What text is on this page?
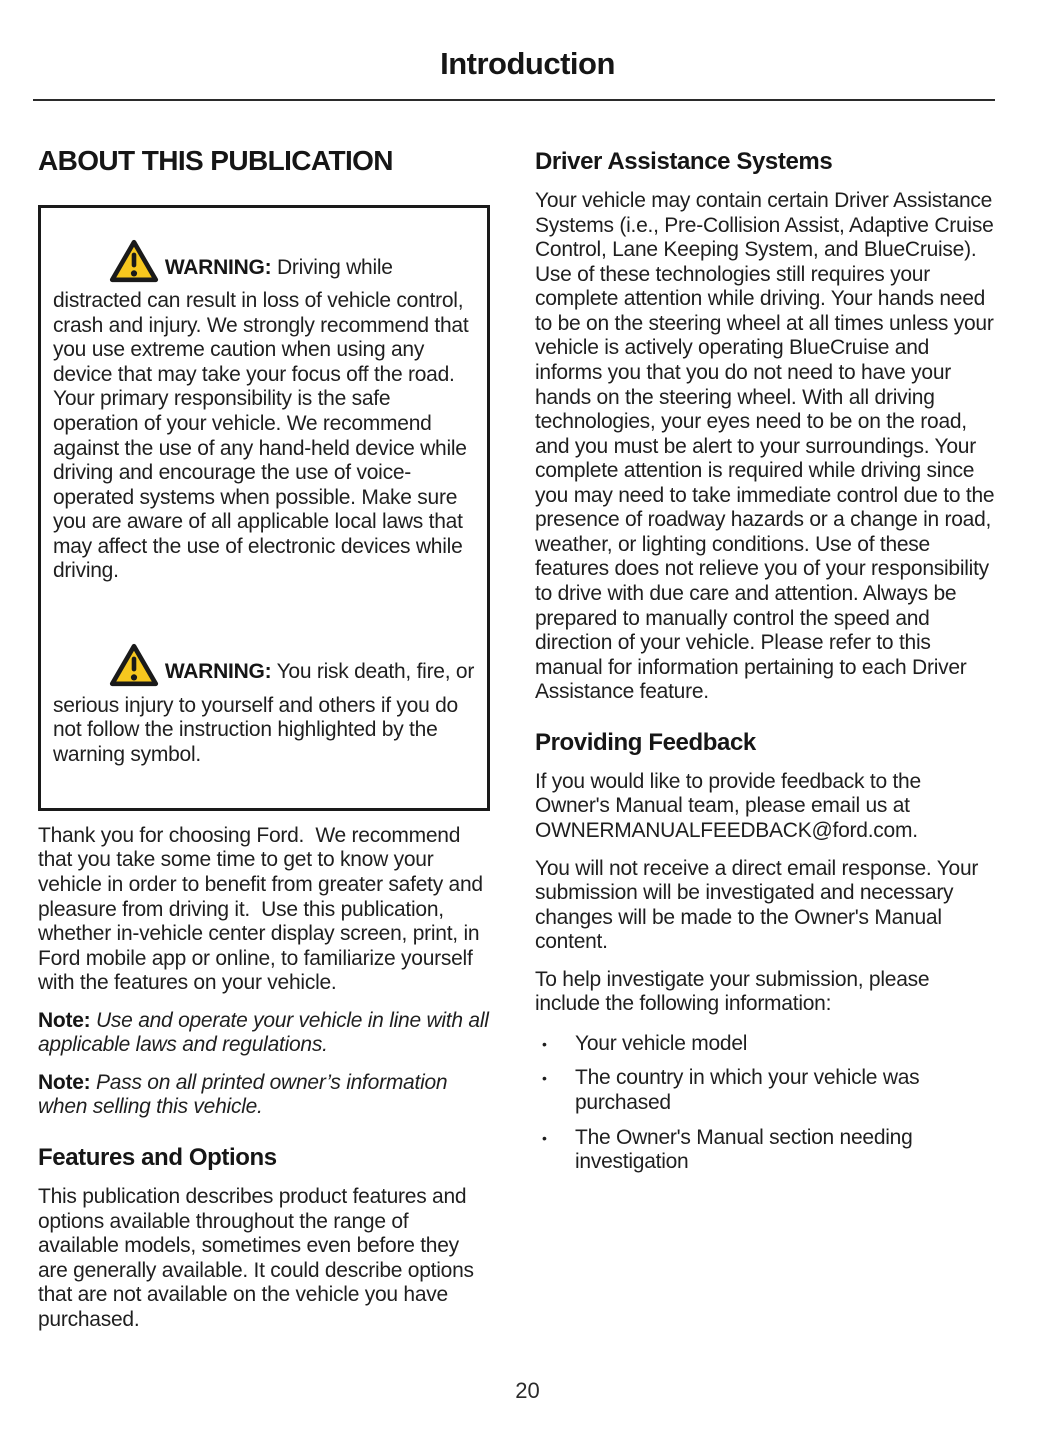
Introduction
ABOUT THIS PUBLICATION

WARNING: Driving while distracted can result in loss of vehicle control, crash and injury. We strongly recommend that you use extreme caution when using any device that may take your focus off the road. Your primary responsibility is the safe operation of your vehicle. We recommend against the use of any hand-held device while driving and encourage the use of voice-operated systems when possible. Make sure you are aware of all applicable local laws that may affect the use of electronic devices while driving.

WARNING: You risk death, fire, or serious injury to yourself and others if you do not follow the instruction highlighted by the warning symbol.

Thank you for choosing Ford.  We recommend that you take some time to get to know your vehicle in order to benefit from greater safety and pleasure from driving it.  Use this publication, whether in-vehicle center display screen, print, in Ford mobile app or online, to familiarize yourself with the features on your vehicle.

Note: Use and operate your vehicle in line with all applicable laws and regulations.

Note: Pass on all printed owner’s information when selling this vehicle.

Features and Options

This publication describes product features and options available throughout the range of available models, sometimes even before they are generally available. It could describe options that are not available on the vehicle you have purchased.

Driver Assistance Systems

Your vehicle may contain certain Driver Assistance Systems (i.e., Pre-Collision Assist, Adaptive Cruise Control, Lane Keeping System, and BlueCruise).  Use of these technologies still requires your complete attention while driving. Your hands need to be on the steering wheel at all times unless your vehicle is actively operating BlueCruise and informs you that you do not need to have your hands on the steering wheel. With all driving technologies, your eyes need to be on the road, and you must be alert to your surroundings. Your complete attention is required while driving since you may need to take immediate control due to the presence of roadway hazards or a change in road, weather, or lighting conditions. Use of these features does not relieve you of your responsibility to drive with due care and attention. Always be prepared to manually control the speed and direction of your vehicle. Please refer to this manual for information pertaining to each Driver Assistance feature.

Providing Feedback

If you would like to provide feedback to the Owner's Manual team, please email us at OWNERMANUALFEEDBACK@ford.com.

You will not receive a direct email response. Your submission will be investigated and necessary changes will be made to the Owner's Manual content.

To help investigate your submission, please include the following information:

• Your vehicle model
• The country in which your vehicle was purchased
• The Owner's Manual section needing investigation
20
